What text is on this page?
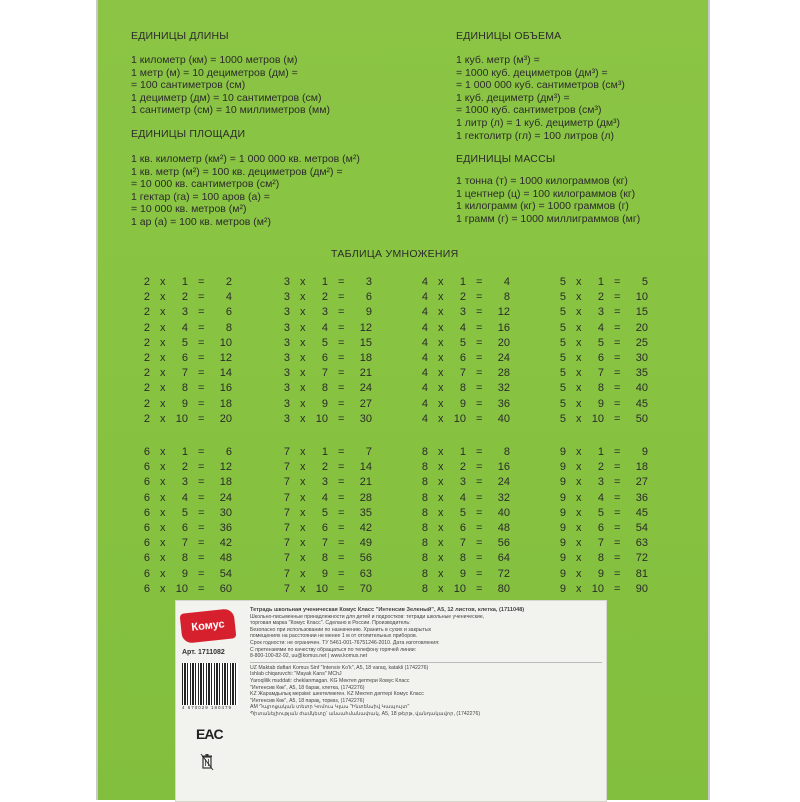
ЕДИНИЦЫ ДЛИНЫ
1 километр (км) = 1000 метров (м)
1 метр (м) = 10 дециметров (дм) =
= 100 сантиметров (см)
1 дециметр (дм) = 10 сантиметров (см)
1 сантиметр (см) = 10 миллиметров (мм)
ЕДИНИЦЫ ПЛОЩАДИ
1 кв. километр (км²) = 1 000 000 кв. метров (м²)
1 кв. метр (м²) = 100 кв. дециметров (дм²) =
= 10 000 кв. сантиметров (см²)
1 гектар (га) = 100 аров (а) =
= 10 000 кв. метров (м²)
1 ар (а) = 100 кв. метров (м²)
ЕДИНИЦЫ ОБЪЕМА
1 куб. метр (м³) =
= 1000 куб. дециметров (дм³) =
= 1 000 000 куб. сантиметров (см³)
1 куб. дециметр (дм³) =
= 1000 куб. сантиметров (см³)
1 литр (л) = 1 куб. дециметр (дм³)
1 гектолитр (гл) = 100 литров (л)
ЕДИНИЦЫ МАССЫ
1 тонна (т) = 1000 килограммов (кг)
1 центнер (ц) = 100 килограммов (кг)
1 килограмм (кг) = 1000 граммов (г)
1 грамм (г) = 1000 миллиграммов (мг)
ТАБЛИЦА УМНОЖЕНИЯ
2 x	1 =	2
2 x	2 =	4
2 x	3 =	6
2 x	4 =	8
2 x	5 =	10
2 x	6 =	12
2 x	7 =	14
2 x	8 =	16
2 x	9 =	18
2 x 10 =	20
3 x	1 =	3
3 x	2 =	6
3 x	3 =	9
3 x	4 =	12
3 x	5 =	15
3 x	6 =	18
3 x	7 =	21
3 x	8 =	24
3 x	9 =	27
3 x 10 =	30
4 x	1 =	4
4 x	2 =	8
4 x	3 =	12
4 x	4 =	16
4 x	5 =	20
4 x	6 =	24
4 x	7 =	28
4 x	8 =	32
4 x	9 =	36
4 x 10 =	40
5 x	1 =	5
5 x	2 =	10
5 x	3 =	15
5 x	4 =	20
5 x	5 =	25
5 x	6 =	30
5 x	7 =	35
5 x	8 =	40
5 x	9 =	45
5 x 10 =	50
6 x	1 =	6
6 x	2 =	12
6 x	3 =	18
6 x	4 =	24
6 x	5 =	30
6 x	6 =	36
6 x	7 =	42
6 x	8 =	48
6 x	9 =	54
6 x 10 =	60
7 x	1 =	7
7 x	2 =	14
7 x	3 =	21
7 x	4 =	28
7 x	5 =	35
7 x	6 =	42
7 x	7 =	49
7 x	8 =	56
7 x	9 =	63
7 x 10 =	70
8 x	1 =	8
8 x	2 =	16
8 x	3 =	24
8 x	4 =	32
8 x	5 =	40
8 x	6 =	48
8 x	7 =	56
8 x	8 =	64
8 x	9 =	72
8 x 10 =	80
9 x	1 =	9
9 x	2 =	18
9 x	3 =	27
9 x	4 =	36
9 x	5 =	45
9 x	6 =	54
9 x	7 =	63
9 x	8 =	72
9 x	9 =	81
9 x 10 =	90
Комус
Арт. 1711082
4 670029 180479
EAC
Тетрадь школьная ученическая Комус Класс "Интенсив Зеленый", А5, 12 листов, клетка, (1711048)
Школьно-письменные принадлежности для детей и подростков: тетради школьные ученические,
торговая марка "Комус Класс". Сделано в России. Производитель:
Безопасно при использовании по назначению. Хранить в сухих и закрытых
помещениях на расстоянии не менее 1 м от отопительных приборов.
Срок годности: не ограничен. ТУ 5461-001-76751246-2010. Дата изготовления:
С претензиями по качеству обращаться по телефону горячей линии:
8-800-100-82-92, uu@komus.net | www.komus.net
UZ Maktab daftari Komus Sinf "Intensiv Ko'k", A5, 18 varaq, katakli (1742276)
Ishlab chiqaruvchi: "Mayak Kans" MChJ
Yaroqlilik muddati: cheklanmagan. KG Мектеп дептери Комус Класс
"Интенсив Көк", А5, 18 барак, клетка, (1742276)
KZ Жарамдылық мерзімі: шектелмеген. KZ Мектеп дәптері Комус Класс
"Интенсив Көк", А5, 18 парақ, торкөз, (1742276)
AM Դպրոցական տետր Կոմուս Կլաս "Ինտենսիվ Կապույտ"
Պիտանելիության ժամկետը՝ անսահմանափակ, A5, 18 թերթ, վանդակավոր, (1742276)
